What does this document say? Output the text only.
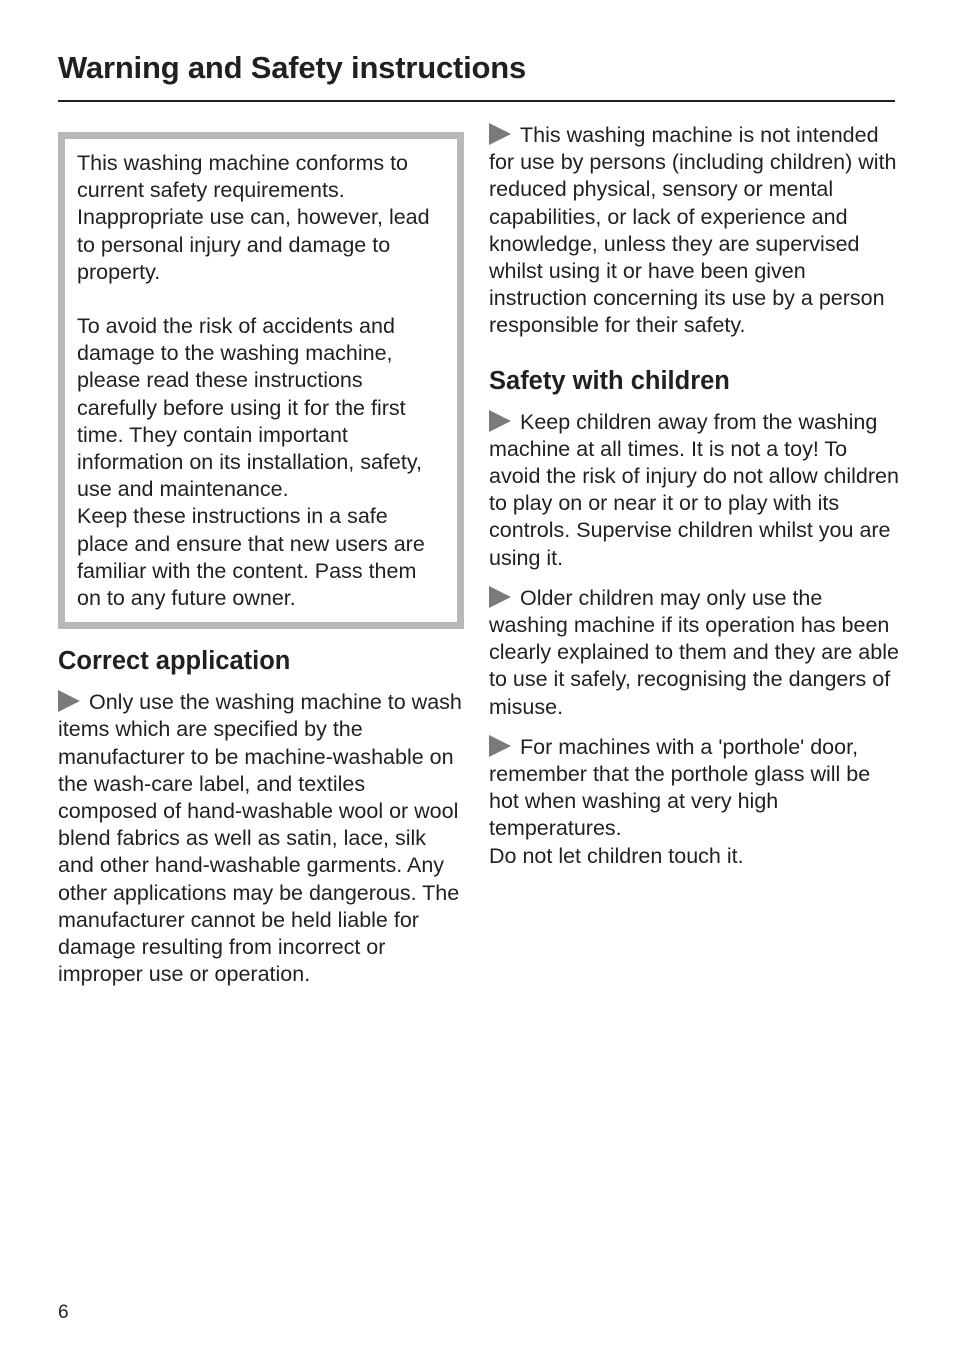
Warning and Safety instructions

This washing machine conforms to current safety requirements. Inappropriate use can, however, lead to personal injury and damage to property.

To avoid the risk of accidents and damage to the washing machine, please read these instructions carefully before using it for the first time. They contain important information on its installation, safety, use and maintenance.

Keep these instructions in a safe place and ensure that new users are familiar with the content. Pass them on to any future owner.

Correct application

Only use the washing machine to wash items which are specified by the manufacturer to be machine-washable on the wash-care label, and textiles composed of hand-washable wool or wool blend fabrics as well as satin, lace, silk and other hand-washable garments. Any other applications may be dangerous. The manufacturer cannot be held liable for damage resulting from incorrect or improper use or operation.

This washing machine is not intended for use by persons (including children) with reduced physical, sensory or mental capabilities, or lack of experience and knowledge, unless they are supervised whilst using it or have been given instruction concerning its use by a person responsible for their safety.

Safety with children

Keep children away from the washing machine at all times. It is not a toy! To avoid the risk of injury do not allow children to play on or near it or to play with its controls. Supervise children whilst you are using it.

Older children may only use the washing machine if its operation has been clearly explained to them and they are able to use it safely, recognising the dangers of misuse.

For machines with a 'porthole' door, remember that the porthole glass will be hot when washing at very high temperatures.

Do not let children touch it.

6
